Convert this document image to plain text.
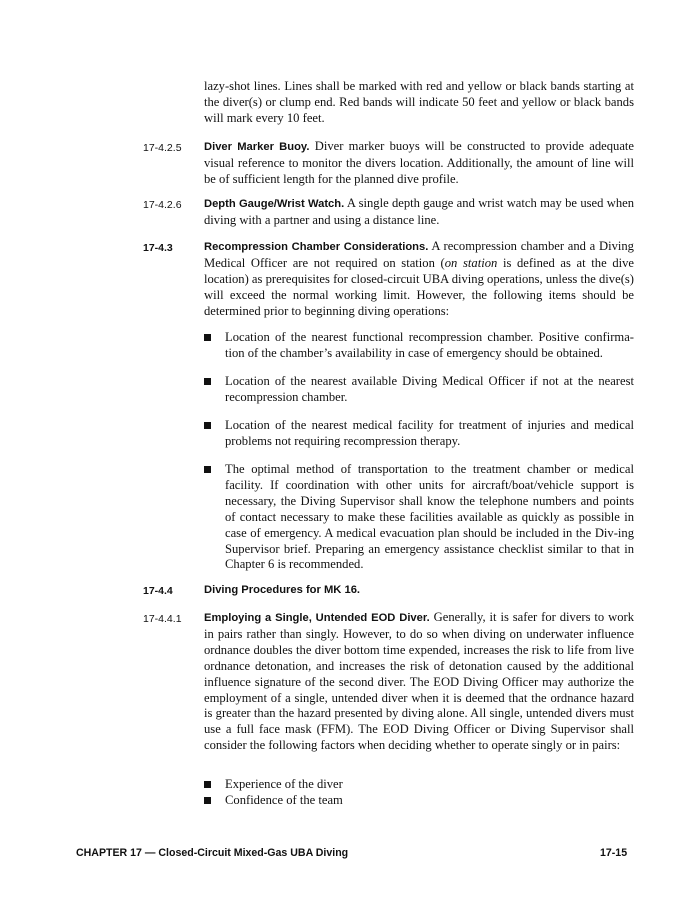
lazy-shot lines. Lines shall be marked with red and yellow or black bands starting at the diver(s) or clump end. Red bands will indicate 50 feet and yellow or black bands will mark every 10 feet.
17-4.2.5 Diver Marker Buoy. Diver marker buoys will be constructed to provide adequate visual reference to monitor the divers location. Additionally, the amount of line will be of sufficient length for the planned dive profile.
17-4.2.6 Depth Gauge/Wrist Watch. A single depth gauge and wrist watch may be used when diving with a partner and using a distance line.
17-4.3	Recompression Chamber Considerations. A recompression chamber and a Diving Medical Officer are not required on station (on station is defined as at the dive location) as prerequisites for closed-circuit UBA diving operations, unless the dive(s) will exceed the normal working limit. However, the following items should be determined prior to beginning diving operations:
Location of the nearest functional recompression chamber. Positive confirma-tion of the chamber’s availability in case of emergency should be obtained.
Location of the nearest available Diving Medical Officer if not at the nearest recompression chamber.
Location of the nearest medical facility for treatment of injuries and medical problems not requiring recompression therapy.
The optimal method of transportation to the treatment chamber or medical facility. If coordination with other units for aircraft/boat/vehicle support is necessary, the Diving Supervisor shall know the telephone numbers and points of contact necessary to make these facilities available as quickly as possible in case of emergency. A medical evacuation plan should be included in the Div-ing Supervisor brief. Preparing an emergency assistance checklist similar to that in Chapter 6 is recommended.
17-4.4	Diving Procedures for MK 16.
17-4.4.1 Employing a Single, Untended EOD Diver. Generally, it is safer for divers to work in pairs rather than singly. However, to do so when diving on underwater influence ordnance doubles the diver bottom time expended, increases the risk to life from live ordnance detonation, and increases the risk of detonation caused by the additional influence signature of the second diver. The EOD Diving Officer may authorize the employment of a single, untended diver when it is deemed that the ordnance hazard is greater than the hazard presented by diving alone. All single, untended divers must use a full face mask (FFM). The EOD Diving Officer or Diving Supervisor shall consider the following factors when deciding whether to operate singly or in pairs:
Experience of the diver
Confidence of the team
CHAPTER 17 — Closed-Circuit Mixed-Gas UBA Diving	17-15
